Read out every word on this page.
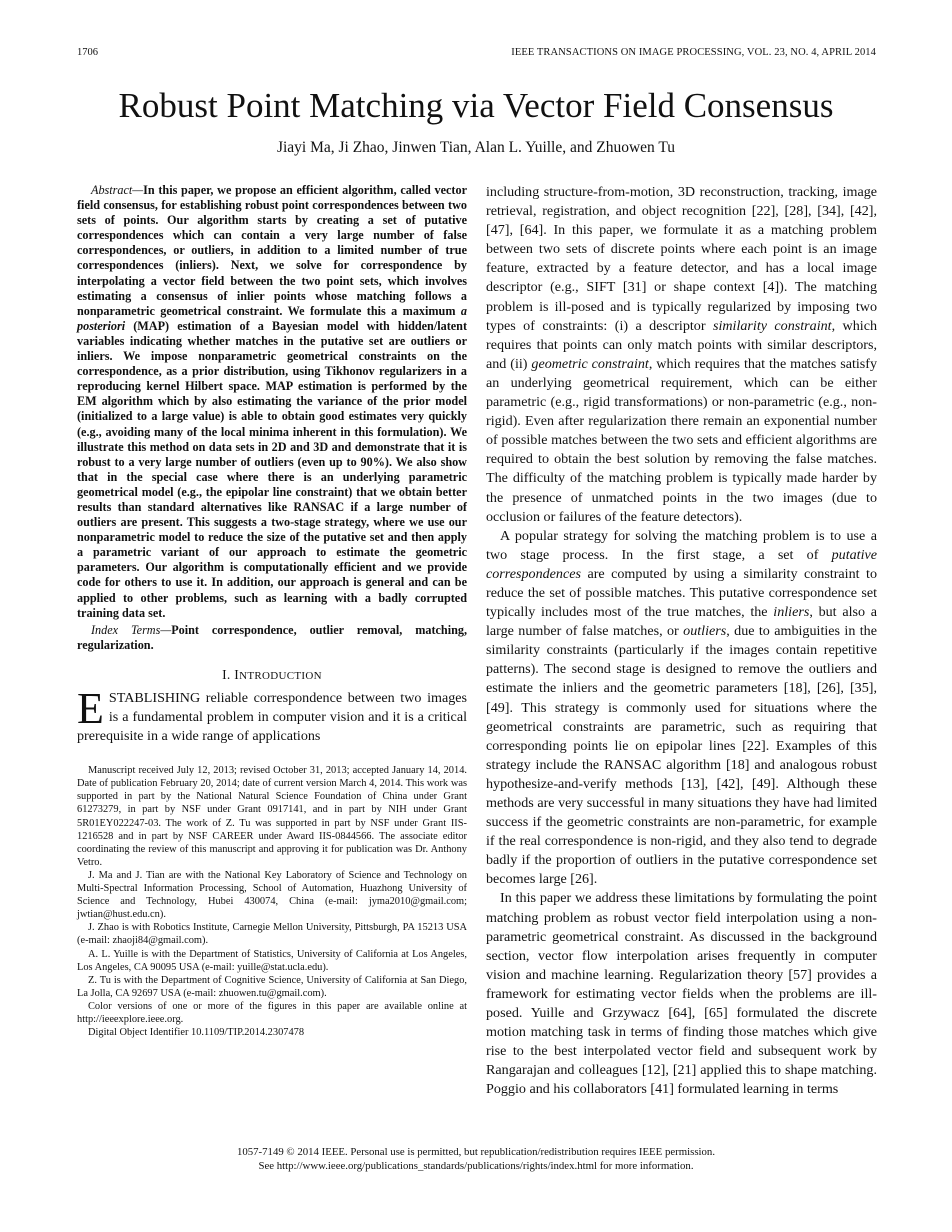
1706	IEEE TRANSACTIONS ON IMAGE PROCESSING, VOL. 23, NO. 4, APRIL 2014
Robust Point Matching via Vector Field Consensus
Jiayi Ma, Ji Zhao, Jinwen Tian, Alan L. Yuille, and Zhuowen Tu

Abstract—In this paper, we propose an efficient algorithm, called vector field consensus, for establishing robust point correspondences between two sets of points. Our algorithm starts by creating a set of putative correspondences which can contain a very large number of false correspondences, or outliers, in addition to a limited number of true correspondences (inliers). Next, we solve for correspondence by interpolating a vector field between the two point sets, which involves estimating a consensus of inlier points whose matching follows a nonparametric geometrical constraint. We formulate this a maximum a posteriori (MAP) estimation of a Bayesian model with hidden/latent variables indicating whether matches in the putative set are outliers or inliers. We impose nonparametric geometrical constraints on the correspondence, as a prior distribution, using Tikhonov regularizers in a reproducing kernel Hilbert space. MAP estimation is performed by the EM algorithm which by also estimating the variance of the prior model (initialized to a large value) is able to obtain good estimates very quickly (e.g., avoiding many of the local minima inherent in this formulation). We illustrate this method on data sets in 2D and 3D and demonstrate that it is robust to a very large number of outliers (even up to 90%). We also show that in the special case where there is an underlying parametric geometrical model (e.g., the epipolar line constraint) that we obtain better results than standard alternatives like RANSAC if a large number of outliers are present. This suggests a two-stage strategy, where we use our nonparametric model to reduce the size of the putative set and then apply a parametric variant of our approach to estimate the geometric parameters. Our algorithm is computationally efficient and we provide code for others to use it. In addition, our approach is general and can be applied to other problems, such as learning with a badly corrupted training data set.

Index Terms—Point correspondence, outlier removal, matching, regularization.

I. INTRODUCTION

ESTABLISHING reliable correspondence between two images is a fundamental problem in computer vision and it is a critical prerequisite in a wide range of applications

Manuscript received July 12, 2013; revised October 31, 2013; accepted January 14, 2014. Date of publication February 20, 2014; date of current version March 4, 2014. This work was supported in part by the National Natural Science Foundation of China under Grant 61273279, in part by NSF under Grant 0917141, and in part by NIH under Grant 5R01EY022247-03. The work of Z. Tu was supported in part by NSF under Grant IIS-1216528 and in part by NSF CAREER under Award IIS-0844566. The associate editor coordinating the review of this manuscript and approving it for publication was Dr. Anthony Vetro.

J. Ma and J. Tian are with the National Key Laboratory of Science and Technology on Multi-Spectral Information Processing, School of Automation, Huazhong University of Science and Technology, Hubei 430074, China (e-mail: jyma2010@gmail.com; jwtian@hust.edu.cn).

J. Zhao is with Robotics Institute, Carnegie Mellon University, Pittsburgh, PA 15213 USA (e-mail: zhaoji84@gmail.com).

A. L. Yuille is with the Department of Statistics, University of California at Los Angeles, Los Angeles, CA 90095 USA (e-mail: yuille@stat.ucla.edu).

Z. Tu is with the Department of Cognitive Science, University of California at San Diego, La Jolla, CA 92697 USA (e-mail: zhuowen.tu@gmail.com).

Color versions of one or more of the figures in this paper are available online at http://ieeexplore.ieee.org.

Digital Object Identifier 10.1109/TIP.2014.2307478

including structure-from-motion, 3D reconstruction, tracking, image retrieval, registration, and object recognition [22], [28], [34], [42], [47], [64]. In this paper, we formulate it as a matching problem between two sets of discrete points where each point is an image feature, extracted by a feature detector, and has a local image descriptor (e.g., SIFT [31] or shape context [4]). The matching problem is ill-posed and is typically regularized by imposing two types of constraints: (i) a descriptor similarity constraint, which requires that points can only match points with similar descriptors, and (ii) geometric constraint, which requires that the matches satisfy an underlying geometrical requirement, which can be either parametric (e.g., rigid transformations) or non-parametric (e.g., non-rigid). Even after regularization there remain an exponential number of possible matches between the two sets and efficient algorithms are required to obtain the best solution by removing the false matches. The difficulty of the matching problem is typically made harder by the presence of unmatched points in the two images (due to occlusion or failures of the feature detectors).

A popular strategy for solving the matching problem is to use a two stage process. In the first stage, a set of putative correspondences are computed by using a similarity constraint to reduce the set of possible matches. This putative correspondence set typically includes most of the true matches, the inliers, but also a large number of false matches, or outliers, due to ambiguities in the similarity constraints (particularly if the images contain repetitive patterns). The second stage is designed to remove the outliers and estimate the inliers and the geometric parameters [18], [26], [35], [49]. This strategy is commonly used for situations where the geometrical constraints are parametric, such as requiring that corresponding points lie on epipolar lines [22]. Examples of this strategy include the RANSAC algorithm [18] and analogous robust hypothesize-and-verify methods [13], [42], [49]. Although these methods are very successful in many situations they have had limited success if the geometric constraints are non-parametric, for example if the real correspondence is non-rigid, and they also tend to degrade badly if the proportion of outliers in the putative correspondence set becomes large [26].

In this paper we address these limitations by formulating the point matching problem as robust vector field interpolation using a non-parametric geometrical constraint. As discussed in the background section, vector flow interpolation arises frequently in computer vision and machine learning. Regularization theory [57] provides a framework for estimating vector fields when the problems are ill-posed. Yuille and Grzywacz [64], [65] formulated the discrete motion matching task in terms of finding those matches which give rise to the best interpolated vector field and subsequent work by Rangarajan and colleagues [12], [21] applied this to shape matching. Poggio and his collaborators [41] formulated learning in terms

1057-7149 © 2014 IEEE. Personal use is permitted, but republication/redistribution requires IEEE permission.
See http://www.ieee.org/publications_standards/publications/rights/index.html for more information.
